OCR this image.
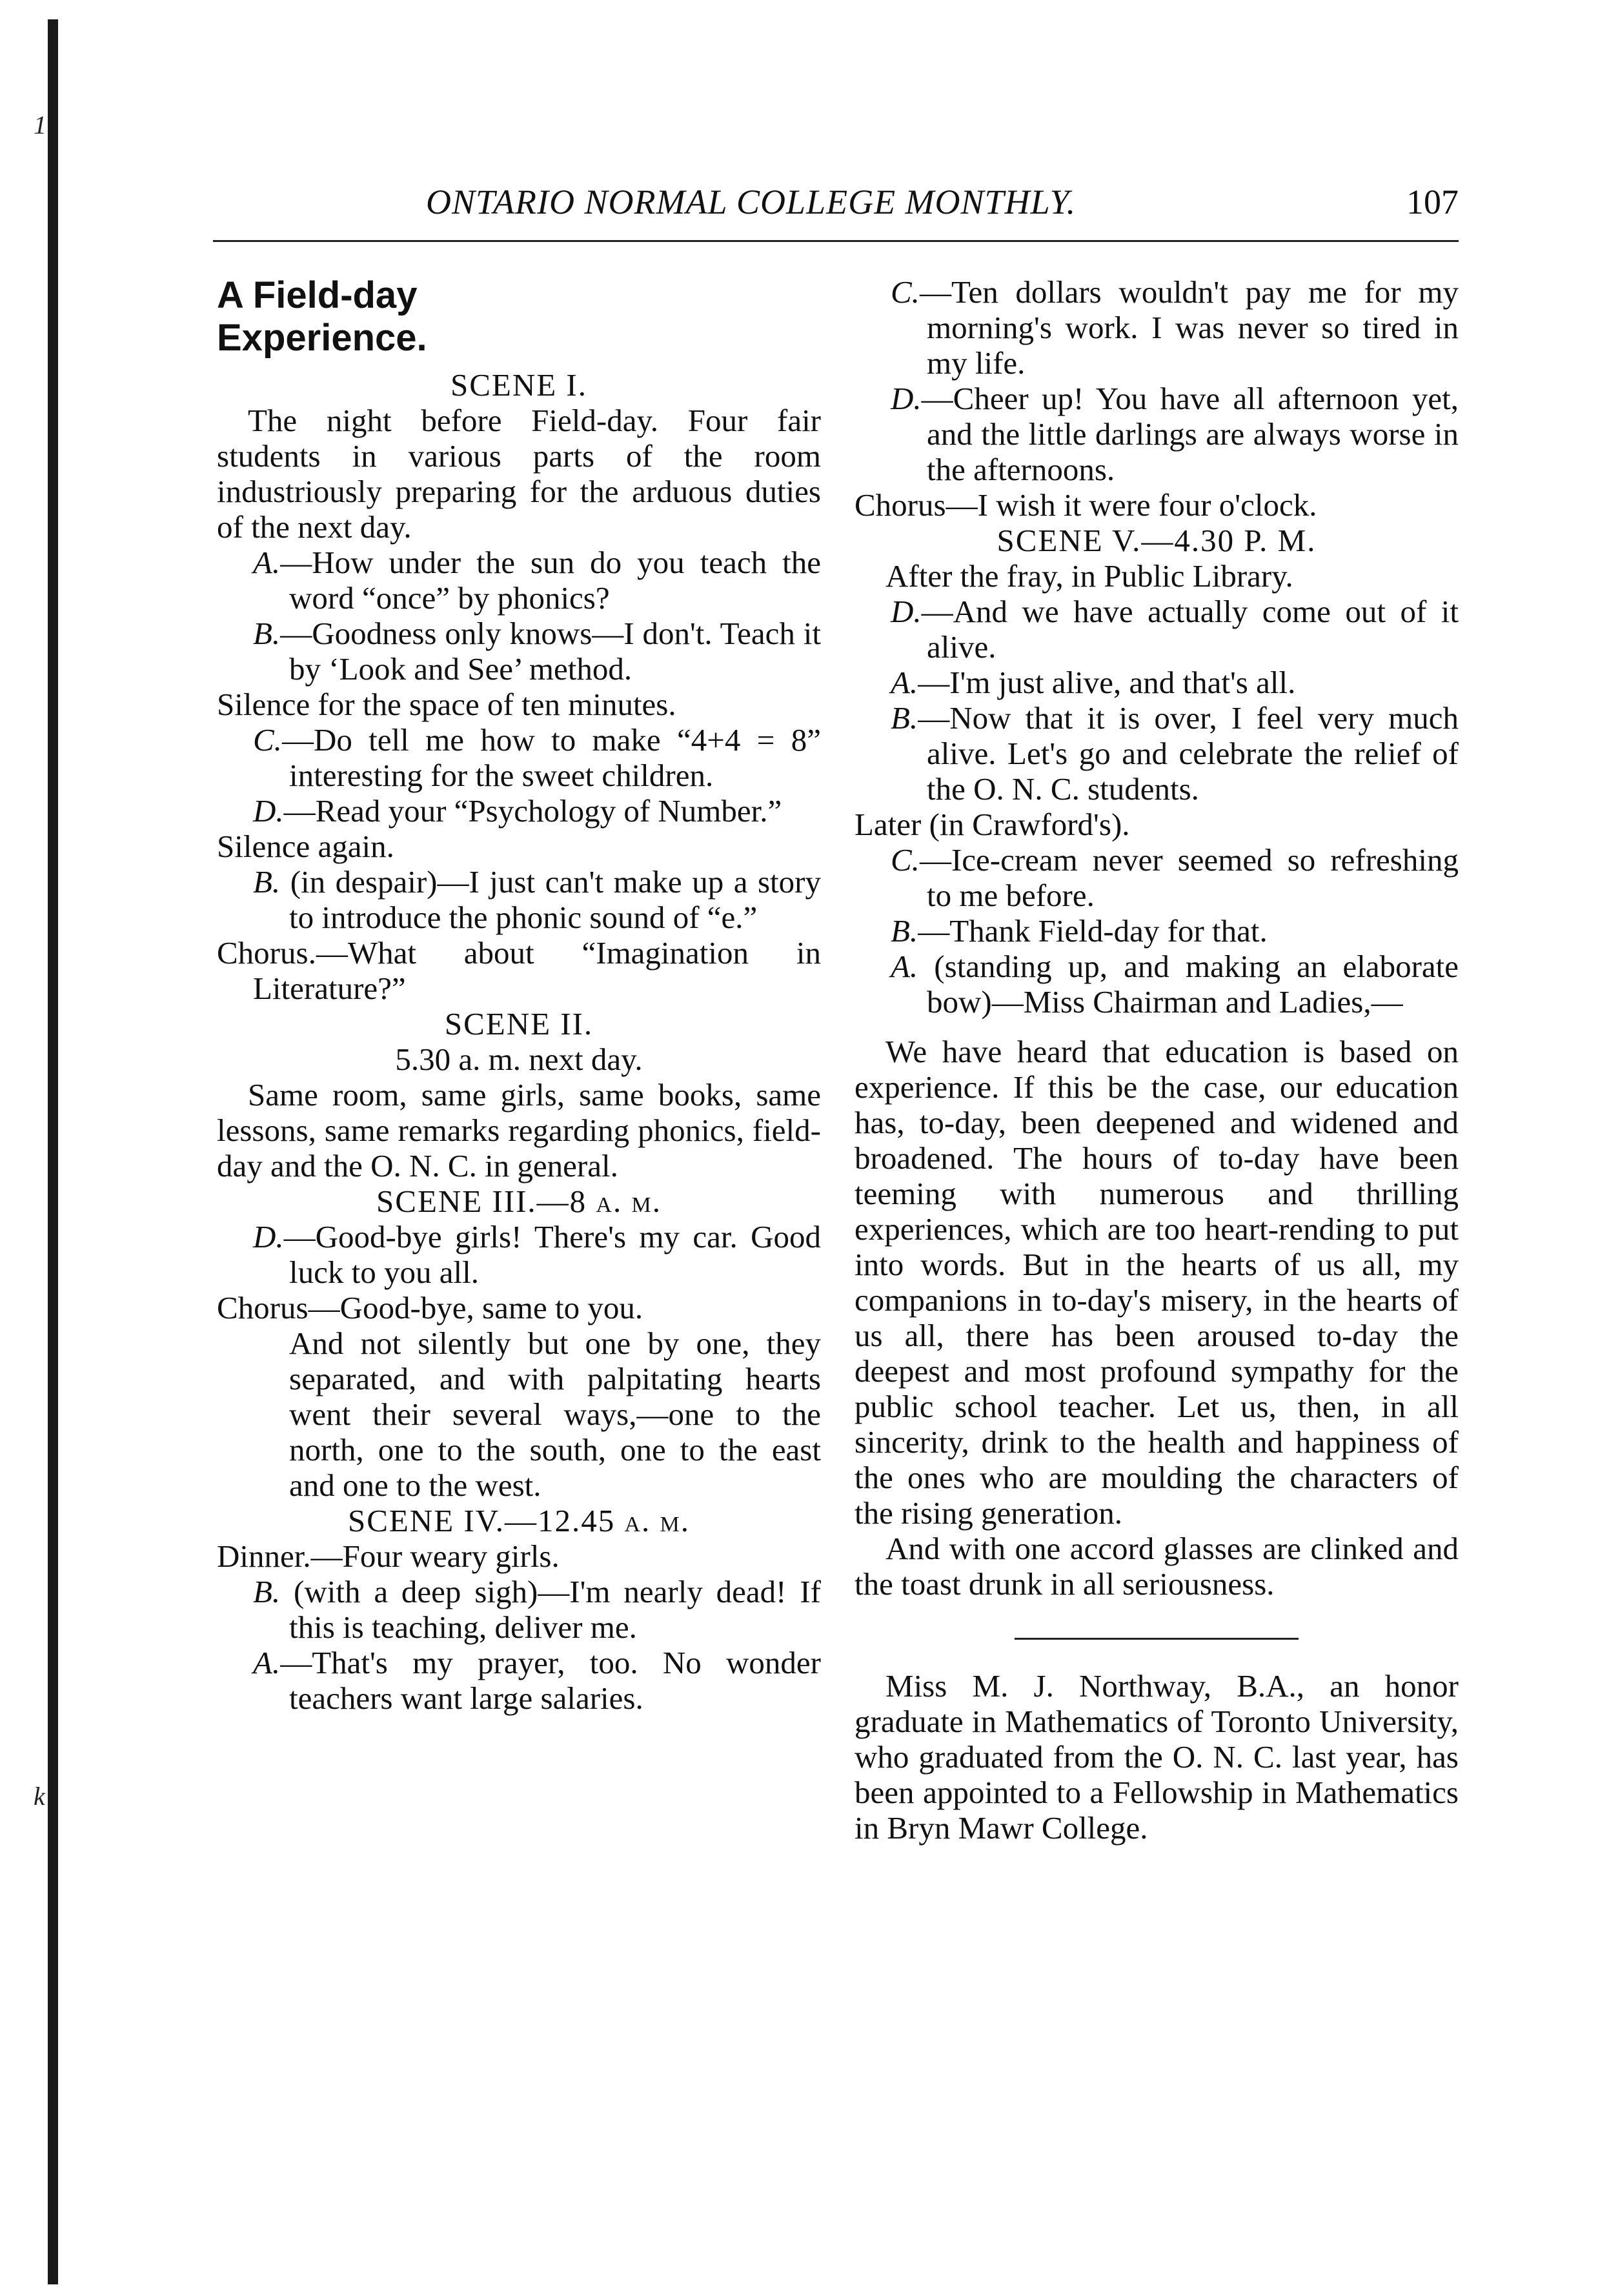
1
k
ONTARIO NORMAL COLLEGE MONTHLY.	107
A Field-day
Experience.

SCENE I.

The night before Field-day. Four fair students in various parts of the room industriously preparing for the arduous duties of the next day.

A.—How under the sun do you teach the word “once” by phonics?

B.—Goodness only knows—I don't. Teach it by ‘Look and See’ method.

Silence for the space of ten minutes.

C.—Do tell me how to make “4+4 = 8” interesting for the sweet children.

D.—Read your “Psychology of Number.”

Silence again.

B. (in despair)—I just can't make up a story to introduce the phonic sound of “e.”

Chorus.—What about “Imagination in Literature?”

SCENE II.

5.30 a. m. next day.

Same room, same girls, same books, same lessons, same remarks regarding phonics, field-day and the O. N. C. in general.

SCENE III.—8 a. m.

D.—Good-bye girls! There's my car. Good luck to you all.

Chorus—Good-bye, same to you.

And not silently but one by one, they separated, and with palpitating hearts went their several ways,—one to the north, one to the south, one to the east and one to the west.

SCENE IV.—12.45 a. m.

Dinner.—Four weary girls.

B. (with a deep sigh)—I'm nearly dead! If this is teaching, deliver me.

A.—That's my prayer, too. No wonder teachers want large salaries.

C.—Ten dollars wouldn't pay me for my morning's work. I was never so tired in my life.

D.—Cheer up! You have all afternoon yet, and the little darlings are always worse in the afternoons.

Chorus—I wish it were four o'clock.

SCENE V.—4.30 P. M.

After the fray, in Public Library.

D.—And we have actually come out of it alive.

A.—I'm just alive, and that's all.

B.—Now that it is over, I feel very much alive. Let's go and celebrate the relief of the O. N. C. students.

Later (in Crawford's).

C.—Ice-cream never seemed so refreshing to me before.

B.—Thank Field-day for that.

A. (standing up, and making an elaborate bow)—Miss Chairman and Ladies,—

We have heard that education is based on experience. If this be the case, our education has, to-day, been deepened and widened and broadened. The hours of to-day have been teeming with numerous and thrilling experiences, which are too heart-rending to put into words. But in the hearts of us all, my companions in to-day's misery, in the hearts of us all, there has been aroused to-day the deepest and most profound sympathy for the public school teacher. Let us, then, in all sincerity, drink to the health and happiness of the ones who are moulding the characters of the rising generation.

And with one accord glasses are clinked and the toast drunk in all seriousness.

Miss M. J. Northway, B.A., an honor graduate in Mathematics of Toronto University, who graduated from the O. N. C. last year, has been appointed to a Fellowship in Mathematics in Bryn Mawr College.
